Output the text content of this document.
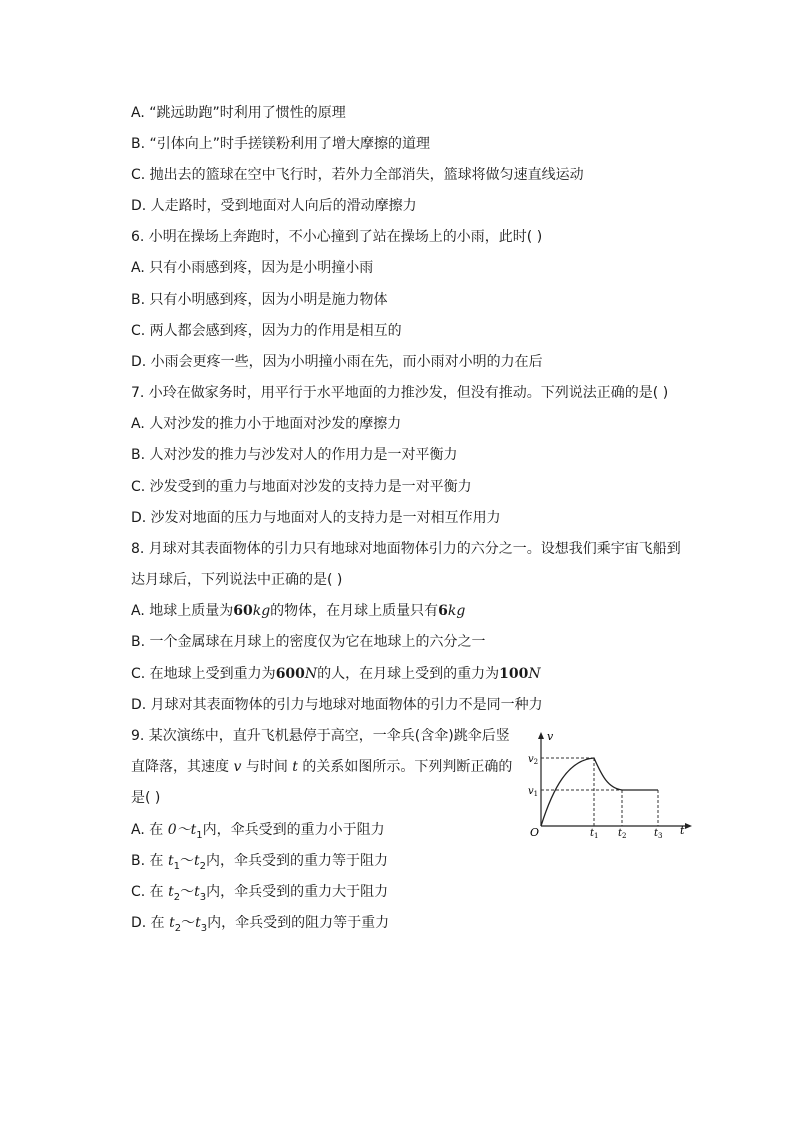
A. “跳远助跑”时利用了惯性的原理
B. “引体向上”时手搓镁粉利用了增大摩擦的道理
C. 抛出去的篮球在空中飞行时，若外力全部消失，篮球将做匀速直线运动
D. 人走路时，受到地面对人向后的滑动摩擦力
6. 小明在操场上奔跑时，不小心撞到了站在操场上的小雨，此时( )
A. 只有小雨感到疼，因为是小明撞小雨
B. 只有小明感到疼，因为小明是施力物体
C. 两人都会感到疼，因为力的作用是相互的
D. 小雨会更疼一些，因为小明撞小雨在先，而小雨对小明的力在后
7. 小玲在做家务时，用平行于水平地面的力推沙发，但没有推动。下列说法正确的是( )
A. 人对沙发的推力小于地面对沙发的摩擦力
B. 人对沙发的推力与沙发对人的作用力是一对平衡力
C. 沙发受到的重力与地面对沙发的支持力是一对平衡力
D. 沙发对地面的压力与地面对人的支持力是一对相互作用力
8. 月球对其表面物体的引力只有地球对地面物体引力的六分之一。设想我们乘宇宙飞船到
达月球后，下列说法中正确的是( )
A. 地球上质量为60kg的物体，在月球上质量只有6kg
B. 一个金属球在月球上的密度仅为它在地球上的六分之一
C. 在地球上受到重力为600N的人，在月球上受到的重力为100N
D. 月球对其表面物体的引力与地球对地面物体的引力不是同一种力
9. 某次演练中，直升飞机悬停于高空，一伞兵(含伞)跳伞后竖
直降落，其速度 v 与时间 t 的关系如图所示。下列判断正确的
是( )
A. 在 $0\sim t_1$内，伞兵受到的重力小于阻力
B. 在 $t_1\sim t_2$内，伞兵受到的重力等于阻力
C. 在 $t_2\sim t_3$内，伞兵受到的重力大于阻力
D. 在 $t_2\sim t_3$内，伞兵受到的阻力等于重力
v
t
O
$v_2$
$v_1$
$t_1$ $t_2$	$t_3$
